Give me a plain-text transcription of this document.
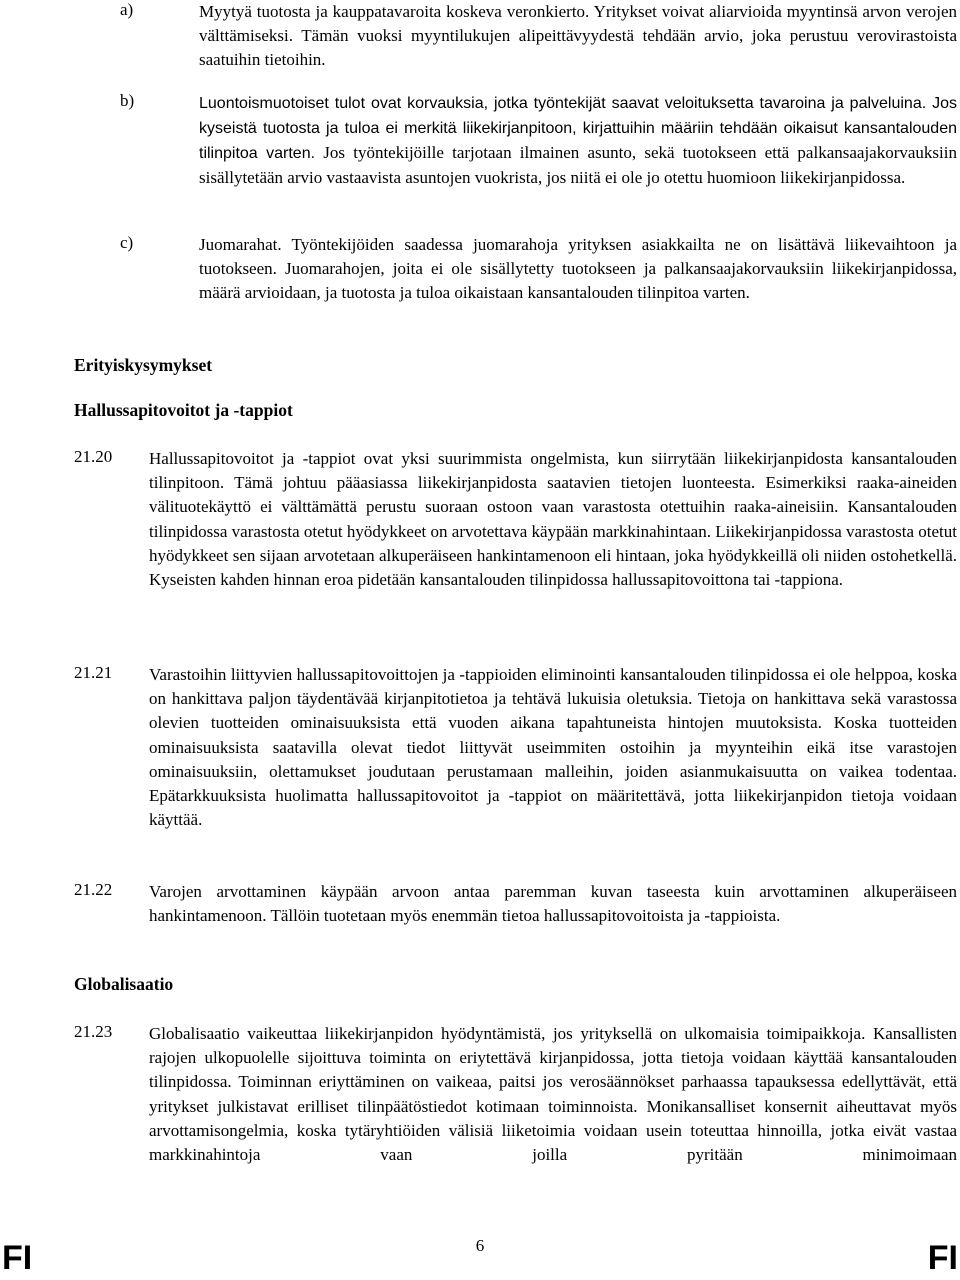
a)	Myytyä tuotosta ja kauppatavaroita koskeva veronkierto. Yritykset voivat aliarvioida myyntinsä arvon verojen välttämiseksi. Tämän vuoksi myyntilukujen alipeittävyydestä tehdään arvio, joka perustuu verovirastoista saatuihin tietoihin.
b)	Luontoismuotoiset tulot ovat korvauksia, jotka työntekijät saavat veloituksetta tavaroina ja palveluina. Jos kyseistä tuotosta ja tuloa ei merkitä liikekirjanpitoon, kirjattuihin määriin tehdään oikaisut kansantalouden tilinpitoa varten. Jos työntekijöille tarjotaan ilmainen asunto, sekä tuotokseen että palkansaajakorvauksiin sisällytetään arvio vastaavista asuntojen vuokrista, jos niitä ei ole jo otettu huomioon liikekirjanpidossa.
c)	Juomarahat. Työntekijöiden saadessa juomarahoja yrityksen asiakkailta ne on lisättävä liikevaihtoon ja tuotokseen. Juomarahojen, joita ei ole sisällytetty tuotokseen ja palkansaajakorvauksiin liikekirjanpidossa, määrä arvioidaan, ja tuotosta ja tuloa oikaistaan kansantalouden tilinpitoa varten.
Erityiskysymykset
Hallussapitovoitot ja -tappiot
21.20 Hallussapitovoitot ja -tappiot ovat yksi suurimmista ongelmista, kun siirrytään liikekirjanpidosta kansantalouden tilinpitoon. Tämä johtuu pääasiassa liikekirjanpidosta saatavien tietojen luonteesta. Esimerkiksi raaka-aineiden välituotekäyttö ei välttämättä perustu suoraan ostoon vaan varastosta otettuihin raaka-aineisiin. Kansantalouden tilinpidossa varastosta otetut hyödykkeet on arvotettava käypään markkinahintaan. Liikekirjanpidossa varastosta otetut hyödykkeet sen sijaan arvotetaan alkuperäiseen hankintamenoon eli hintaan, joka hyödykkeillä oli niiden ostohetkellä. Kyseisten kahden hinnan eroa pidetään kansantalouden tilinpidossa hallussapitovoittona tai -tappiona.
21.21 Varastoihin liittyvien hallussapitovoittojen ja -tappioiden eliminointi kansantalouden tilinpidossa ei ole helppoa, koska on hankittava paljon täydentävää kirjanpitotietoa ja tehtävä lukuisia oletuksia. Tietoja on hankittava sekä varastossa olevien tuotteiden ominaisuuksista että vuoden aikana tapahtuneista hintojen muutoksista. Koska tuotteiden ominaisuuksista saatavilla olevat tiedot liittyvät useimmiten ostoihin ja myynteihin eikä itse varastojen ominaisuuksiin, olettamukset joudutaan perustamaan malleihin, joiden asianmukaisuutta on vaikea todentaa. Epätarkkuuksista huolimatta hallussapitovoitot ja -tappiot on määritettävä, jotta liikekirjanpidon tietoja voidaan käyttää.
21.22 Varojen arvottaminen käypään arvoon antaa paremman kuvan taseesta kuin arvottaminen alkuperäiseen hankintamenoon. Tällöin tuotetaan myös enemmän tietoa hallussapitovoitoista ja -tappioista.
Globalisaatio
21.23 Globalisaatio vaikeuttaa liikekirjanpidon hyödyntämistä, jos yrityksellä on ulkomaisia toimipaikkoja. Kansallisten rajojen ulkopuolelle sijoittuva toiminta on eriytettävä kirjanpidossa, jotta tietoja voidaan käyttää kansantalouden tilinpidossa. Toiminnan eriyttäminen on vaikeaa, paitsi jos verosäännökset parhaassa tapauksessa edellyttävät, että yritykset julkistavat erilliset tilinpäätöstiedot kotimaan toiminnoista. Monikansalliset konsernit aiheuttavat myös arvottamisongelmia, koska tytäryhtiöiden välisiä liiketoimia voidaan usein toteuttaa hinnoilla, jotka eivät vastaa markkinahintoja vaan joilla pyritään minimoimaan
FI	6	FI
